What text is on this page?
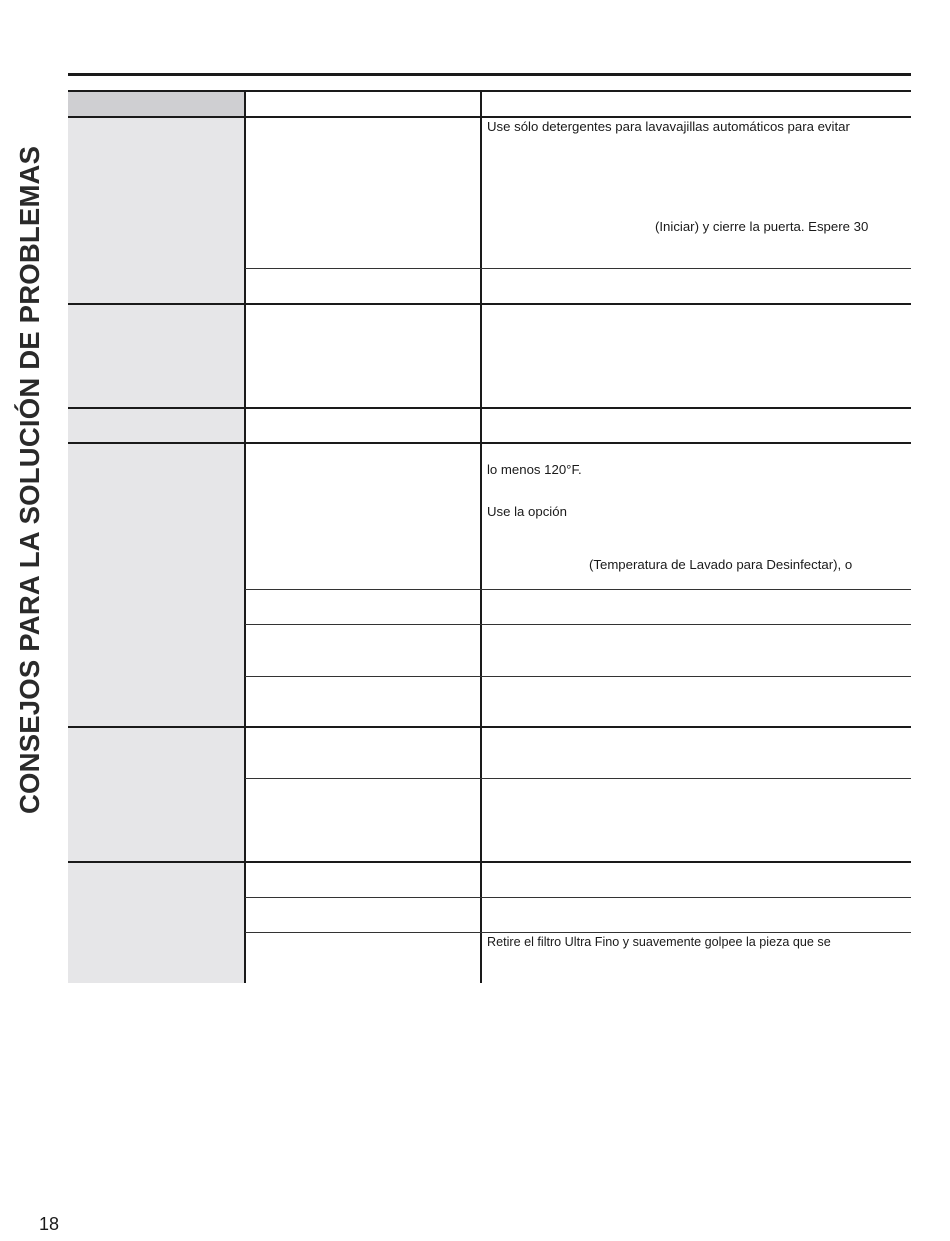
CONSEJOS PARA LA SOLUCIÓN DE PROBLEMAS
Use sólo detergentes para lavavajillas automáticos para evitar
(Iniciar) y cierre la puerta. Espere 30
lo menos 120°F.
Use la opción
(Temperatura de Lavado para Desinfectar), o
Retire el filtro Ultra Fino y suavemente golpee la pieza que se
18
